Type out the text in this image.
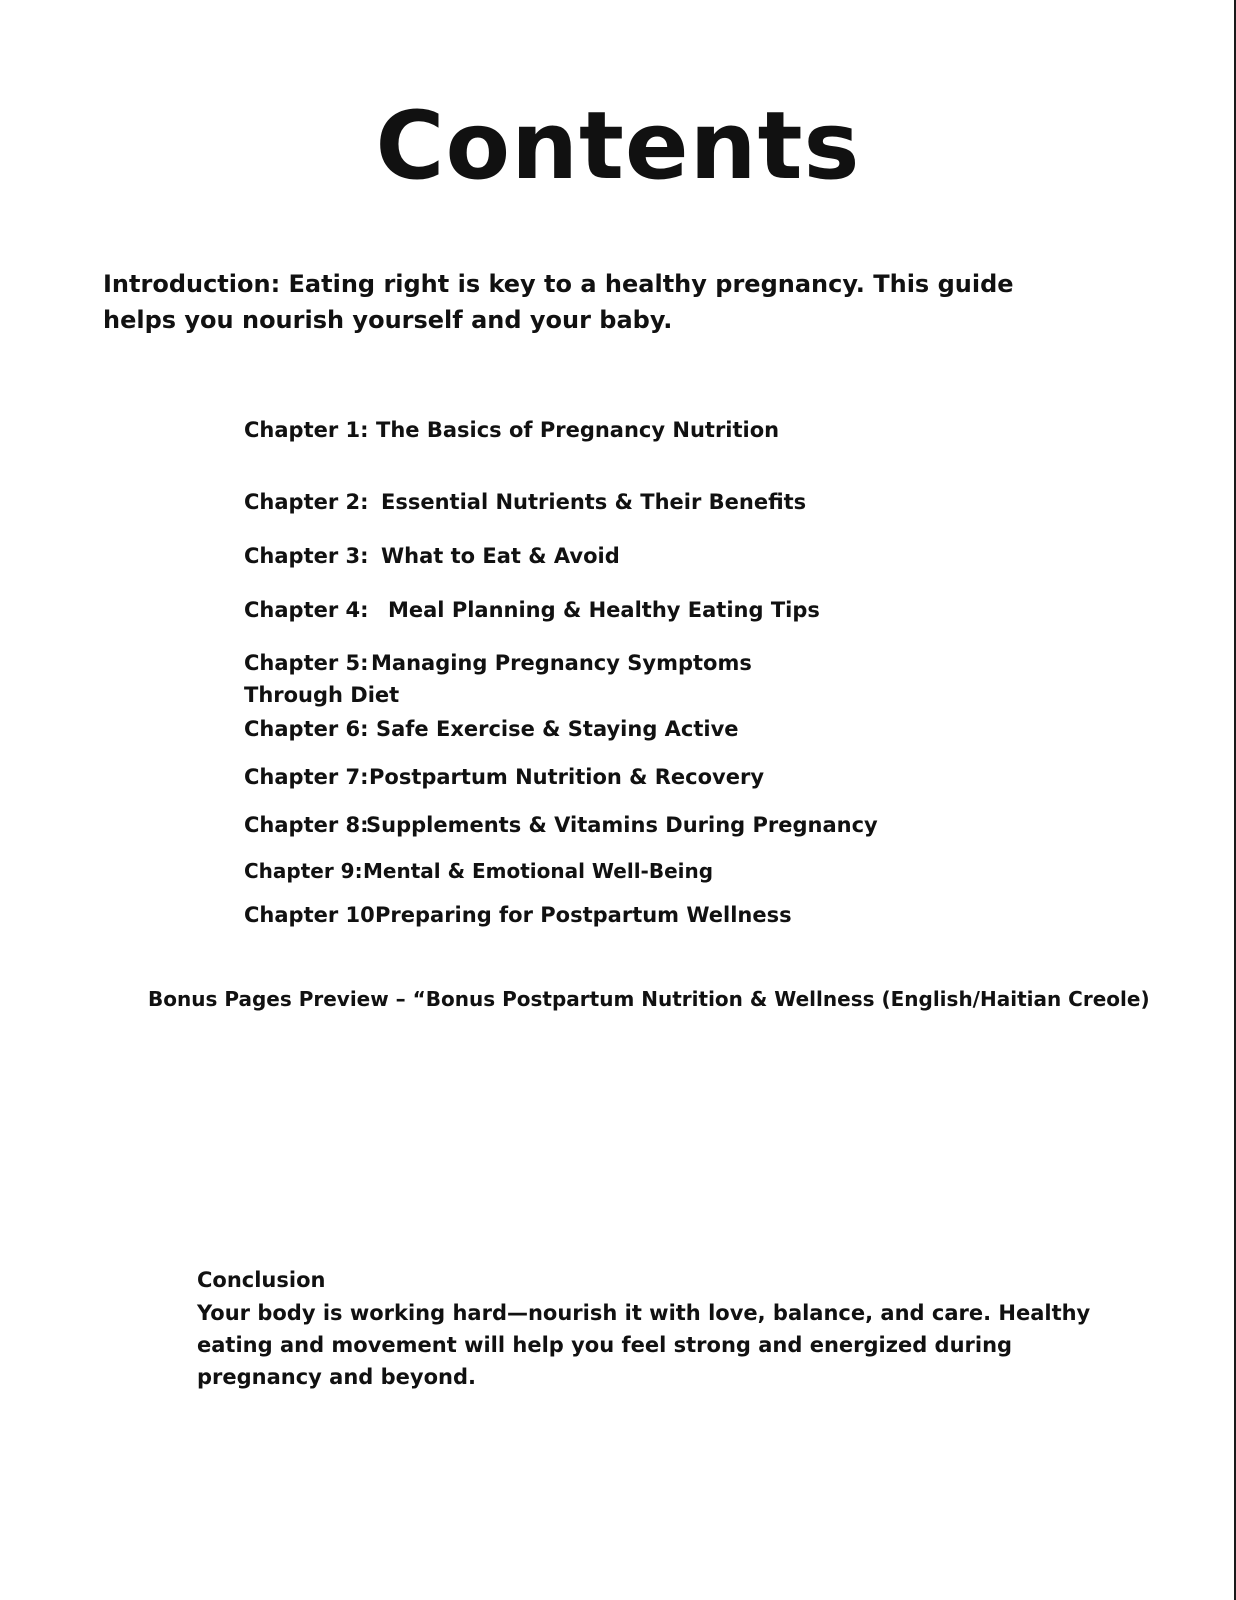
Contents

Introduction: Eating right is key to a healthy pregnancy. This guide helps you nourish yourself and your baby.

Chapter 1: The Basics of Pregnancy Nutrition
Chapter 2: Essential Nutrients & Their Benefits
Chapter 3: What to Eat & Avoid
Chapter 4: Meal Planning & Healthy Eating Tips
Chapter 5: Managing Pregnancy Symptoms Through Diet
Chapter 6: Safe Exercise & Staying Active
Chapter 7:Postpartum Nutrition & Recovery
Chapter 8:Supplements & Vitamins During Pregnancy
Chapter 9:Mental & Emotional Well-Being
Chapter 10:Preparing for Postpartum Wellness

Bonus Pages Preview – “Bonus Postpartum Nutrition & Wellness (English/Haitian Creole)

Conclusion

Your body is working hard—nourish it with love, balance, and care. Healthy eating and movement will help you feel strong and energized during pregnancy and beyond.
